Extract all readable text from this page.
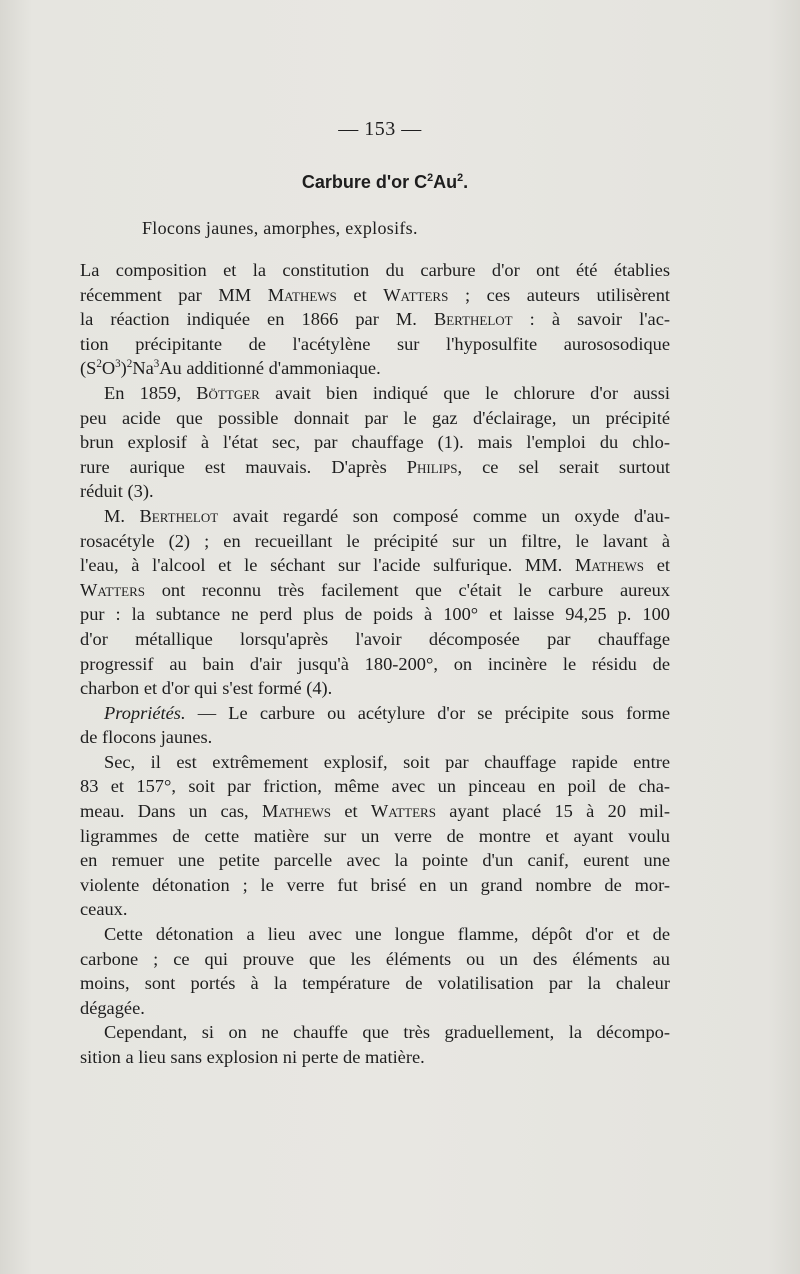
— 153 —
Carbure d'or $C^2Au^2$.
Flocons jaunes, amorphes, explosifs.
La composition et la constitution du carbure d'or ont été établies
récemment par MM Mathews et Watters ; ces auteurs utilisèrent
la réaction indiquée en 1866 par M. Berthelot : à savoir l'ac-
tion précipitante de l'acétylène sur l'hyposulfite aurososodique
$(S^2O^3)^2Na^3Au$ additionné d'ammoniaque.
En 1859, Böttger avait bien indiqué que le chlorure d'or aussi
peu acide que possible donnait par le gaz d'éclairage, un précipité
brun explosif à l'état sec, par chauffage (1). mais l'emploi du chlo-
rure aurique est mauvais. D'après Philips, ce sel serait surtout
réduit (3).
M. Berthelot avait regardé son composé comme un oxyde d'au-
rosacétyle (2) ; en recueillant le précipité sur un filtre, le lavant à
l'eau, à l'alcool et le séchant sur l'acide sulfurique. MM. Mathews et
Watters ont reconnu très facilement que c'était le carbure aureux
pur : la subtance ne perd plus de poids à 100° et laisse 94,25 p. 100
d'or métallique lorsqu'après l'avoir décomposée par chauffage
progressif au bain d'air jusqu'à 180-200°, on incinère le résidu de
charbon et d'or qui s'est formé (4).
Propriétés. — Le carbure ou acétylure d'or se précipite sous forme
de flocons jaunes.
Sec, il est extrêmement explosif, soit par chauffage rapide entre
83 et 157°, soit par friction, même avec un pinceau en poil de cha-
meau. Dans un cas, Mathews et Watters ayant placé 15 à 20 mil-
ligrammes de cette matière sur un verre de montre et ayant voulu
en remuer une petite parcelle avec la pointe d'un canif, eurent une
violente détonation ; le verre fut brisé en un grand nombre de mor-
ceaux.
Cette détonation a lieu avec une longue flamme, dépôt d'or et de
carbone ; ce qui prouve que les éléments ou un des éléments au
moins, sont portés à la température de volatilisation par la chaleur
dégagée.
Cependant, si on ne chauffe que très graduellement, la décompo-
sition a lieu sans explosion ni perte de matière.
